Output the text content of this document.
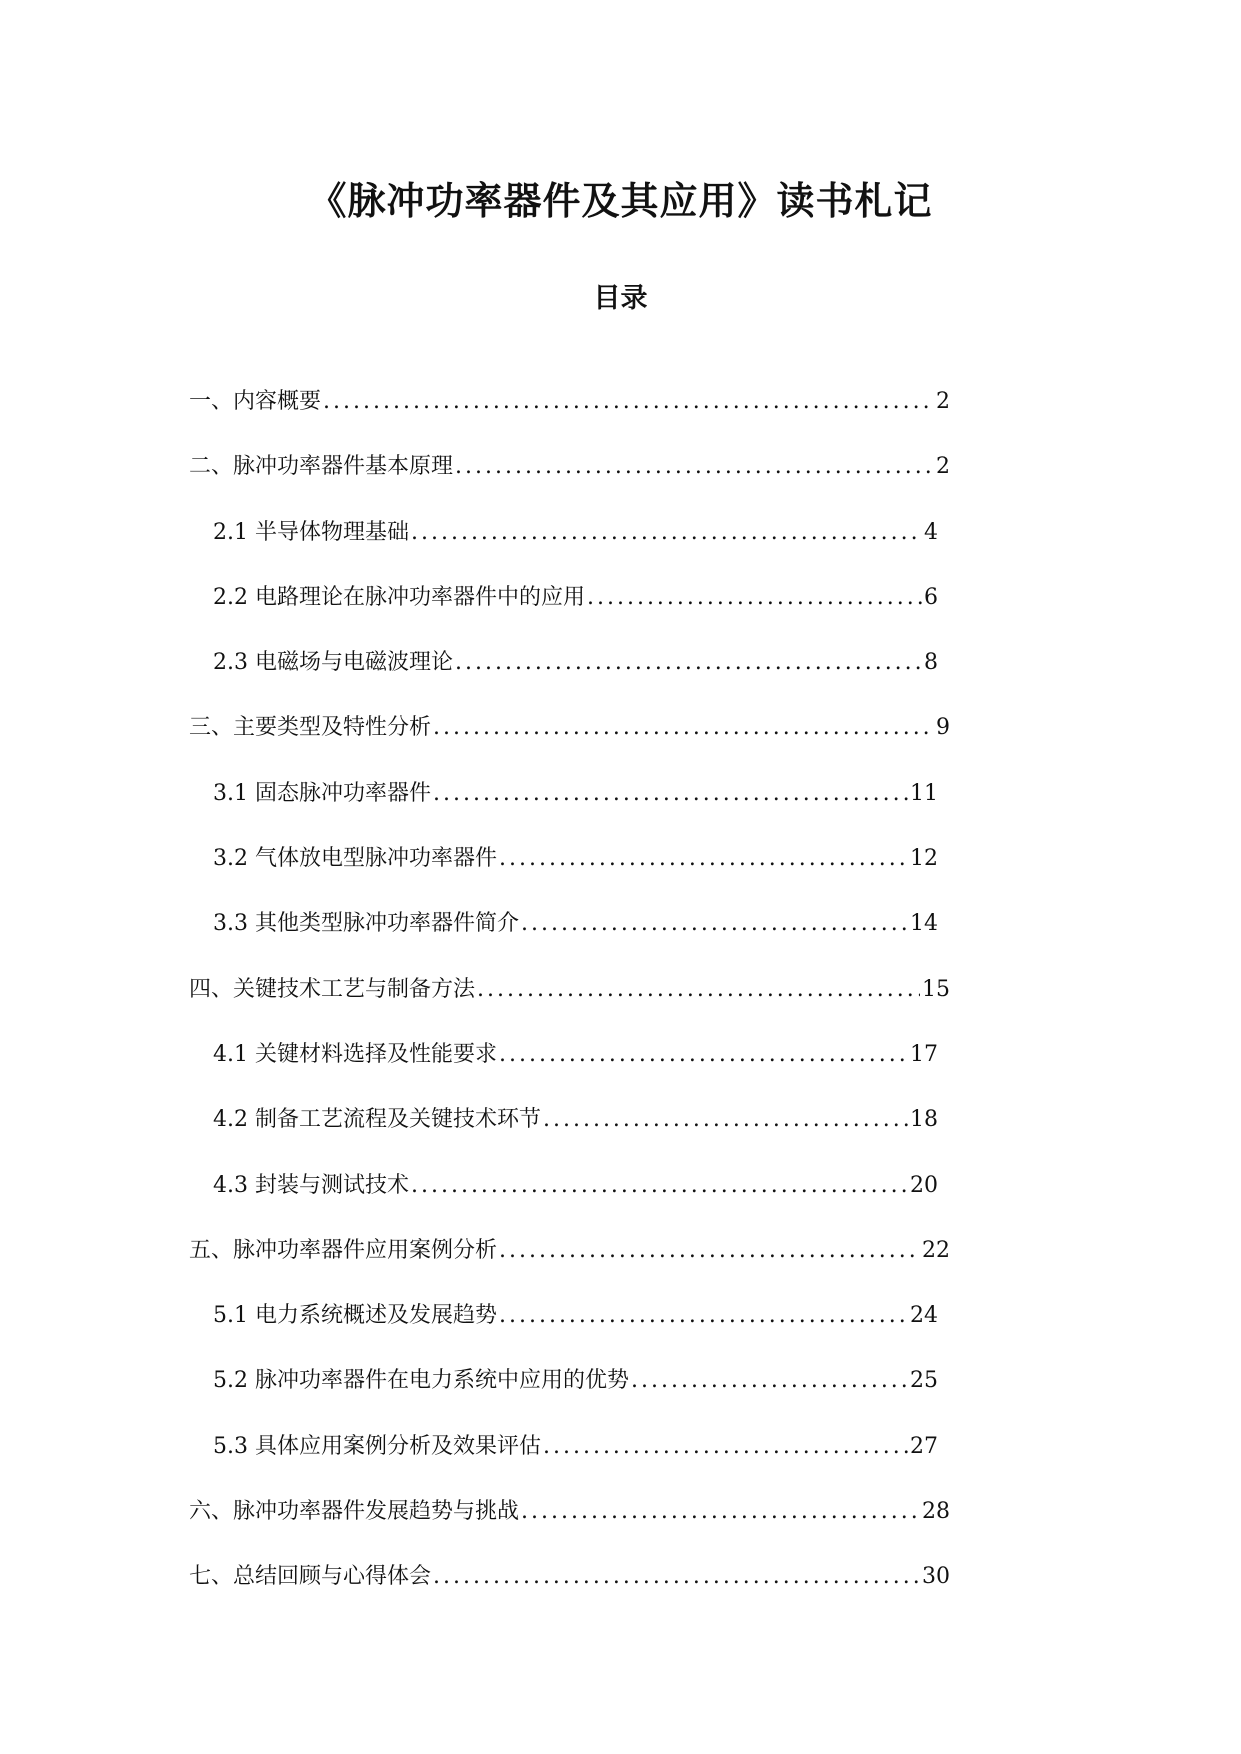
《脉冲功率器件及其应用》读书札记
目录
一、内容概要 .....	2
二、脉冲功率器件基本原理 .....	2
2.1 半导体物理基础 .....	4
2.2 电路理论在脉冲功率器件中的应用 .....	6
2.3 电磁场与电磁波理论 .....	8
三、主要类型及特性分析 .....	9
3.1 固态脉冲功率器件 .....	11
3.2 气体放电型脉冲功率器件 .....	12
3.3 其他类型脉冲功率器件简介 .....	14
四、关键技术工艺与制备方法 .....	15
4.1 关键材料选择及性能要求 .....	17
4.2 制备工艺流程及关键技术环节 .....	18
4.3 封装与测试技术 .....	20
五、脉冲功率器件应用案例分析 .....	22
5.1 电力系统概述及发展趋势 .....	24
5.2 脉冲功率器件在电力系统中应用的优势 .....	25
5.3 具体应用案例分析及效果评估 .....	27
六、脉冲功率器件发展趋势与挑战 .....	28
七、总结回顾与心得体会 .....	30
